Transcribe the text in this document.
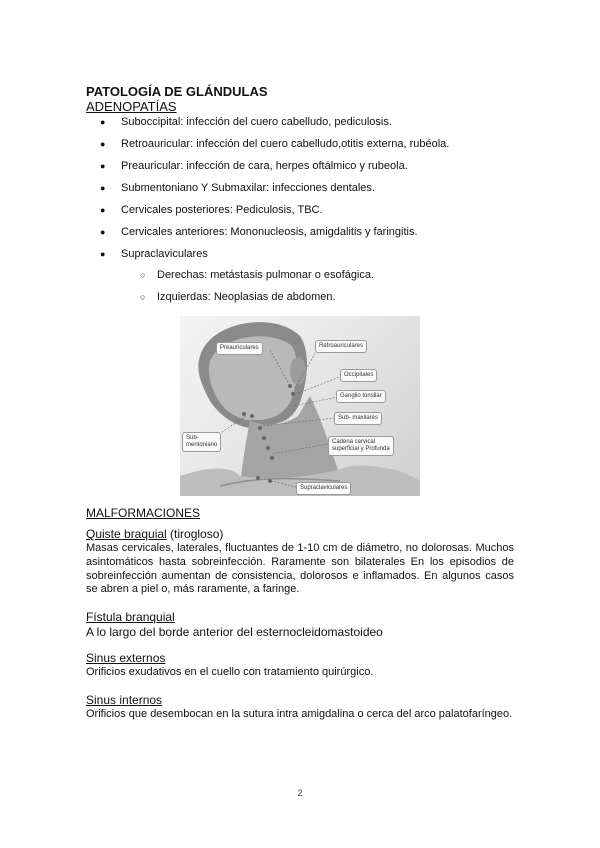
PATOLOGÍA DE GLÁNDULAS
ADENOPATÍAS
● Suboccipital: infección del cuero cabelludo, pediculosis.
● Retroauricular: infección del cuero cabelludo,otitis externa, rubéola.
● Preauricular: infección de cara, herpes oftálmico y rubeola.
● Submentoniano Y Submaxilar: infecciones dentales.
● Cervicales posteriores: Pediculosis, TBC.
● Cervicales anteriores: Mononucleosis, amigdalitis y faringitis.
● Supraclaviculares
○ Derechas: metástasis pulmonar o esofágica.
○ Izquierdas: Neoplasias de abdomen.
Preauriculares	Retroauriculares
Occipitales
Ganglio tonsilar
Sub- maxilares
Sub-
mentoniano	Cadena cervical
superficial y Profunda
Supraclaviculares
MALFORMACIONES
Quiste braquial (tirogloso)
Masas cervicales, laterales, fluctuantes de 1-10 cm de diámetro, no dolorosas. Muchos asintomáticos hasta sobreinfección. Raramente son bilaterales En los episodios de sobreinfección aumentan de consistencia, dolorosos e inflamados. En algunos casos se abren a piel o, más raramente, a faringe.
Fístula branquial
A lo largo del borde anterior del esternocleidomastoideo
Sinus externos
Orificios exudativos en el cuello con tratamiento quirúrgico.
Sinus internos
Orificios que desembocan en la sutura intra amigdalina o cerca del arco palatofaríngeo.
2
